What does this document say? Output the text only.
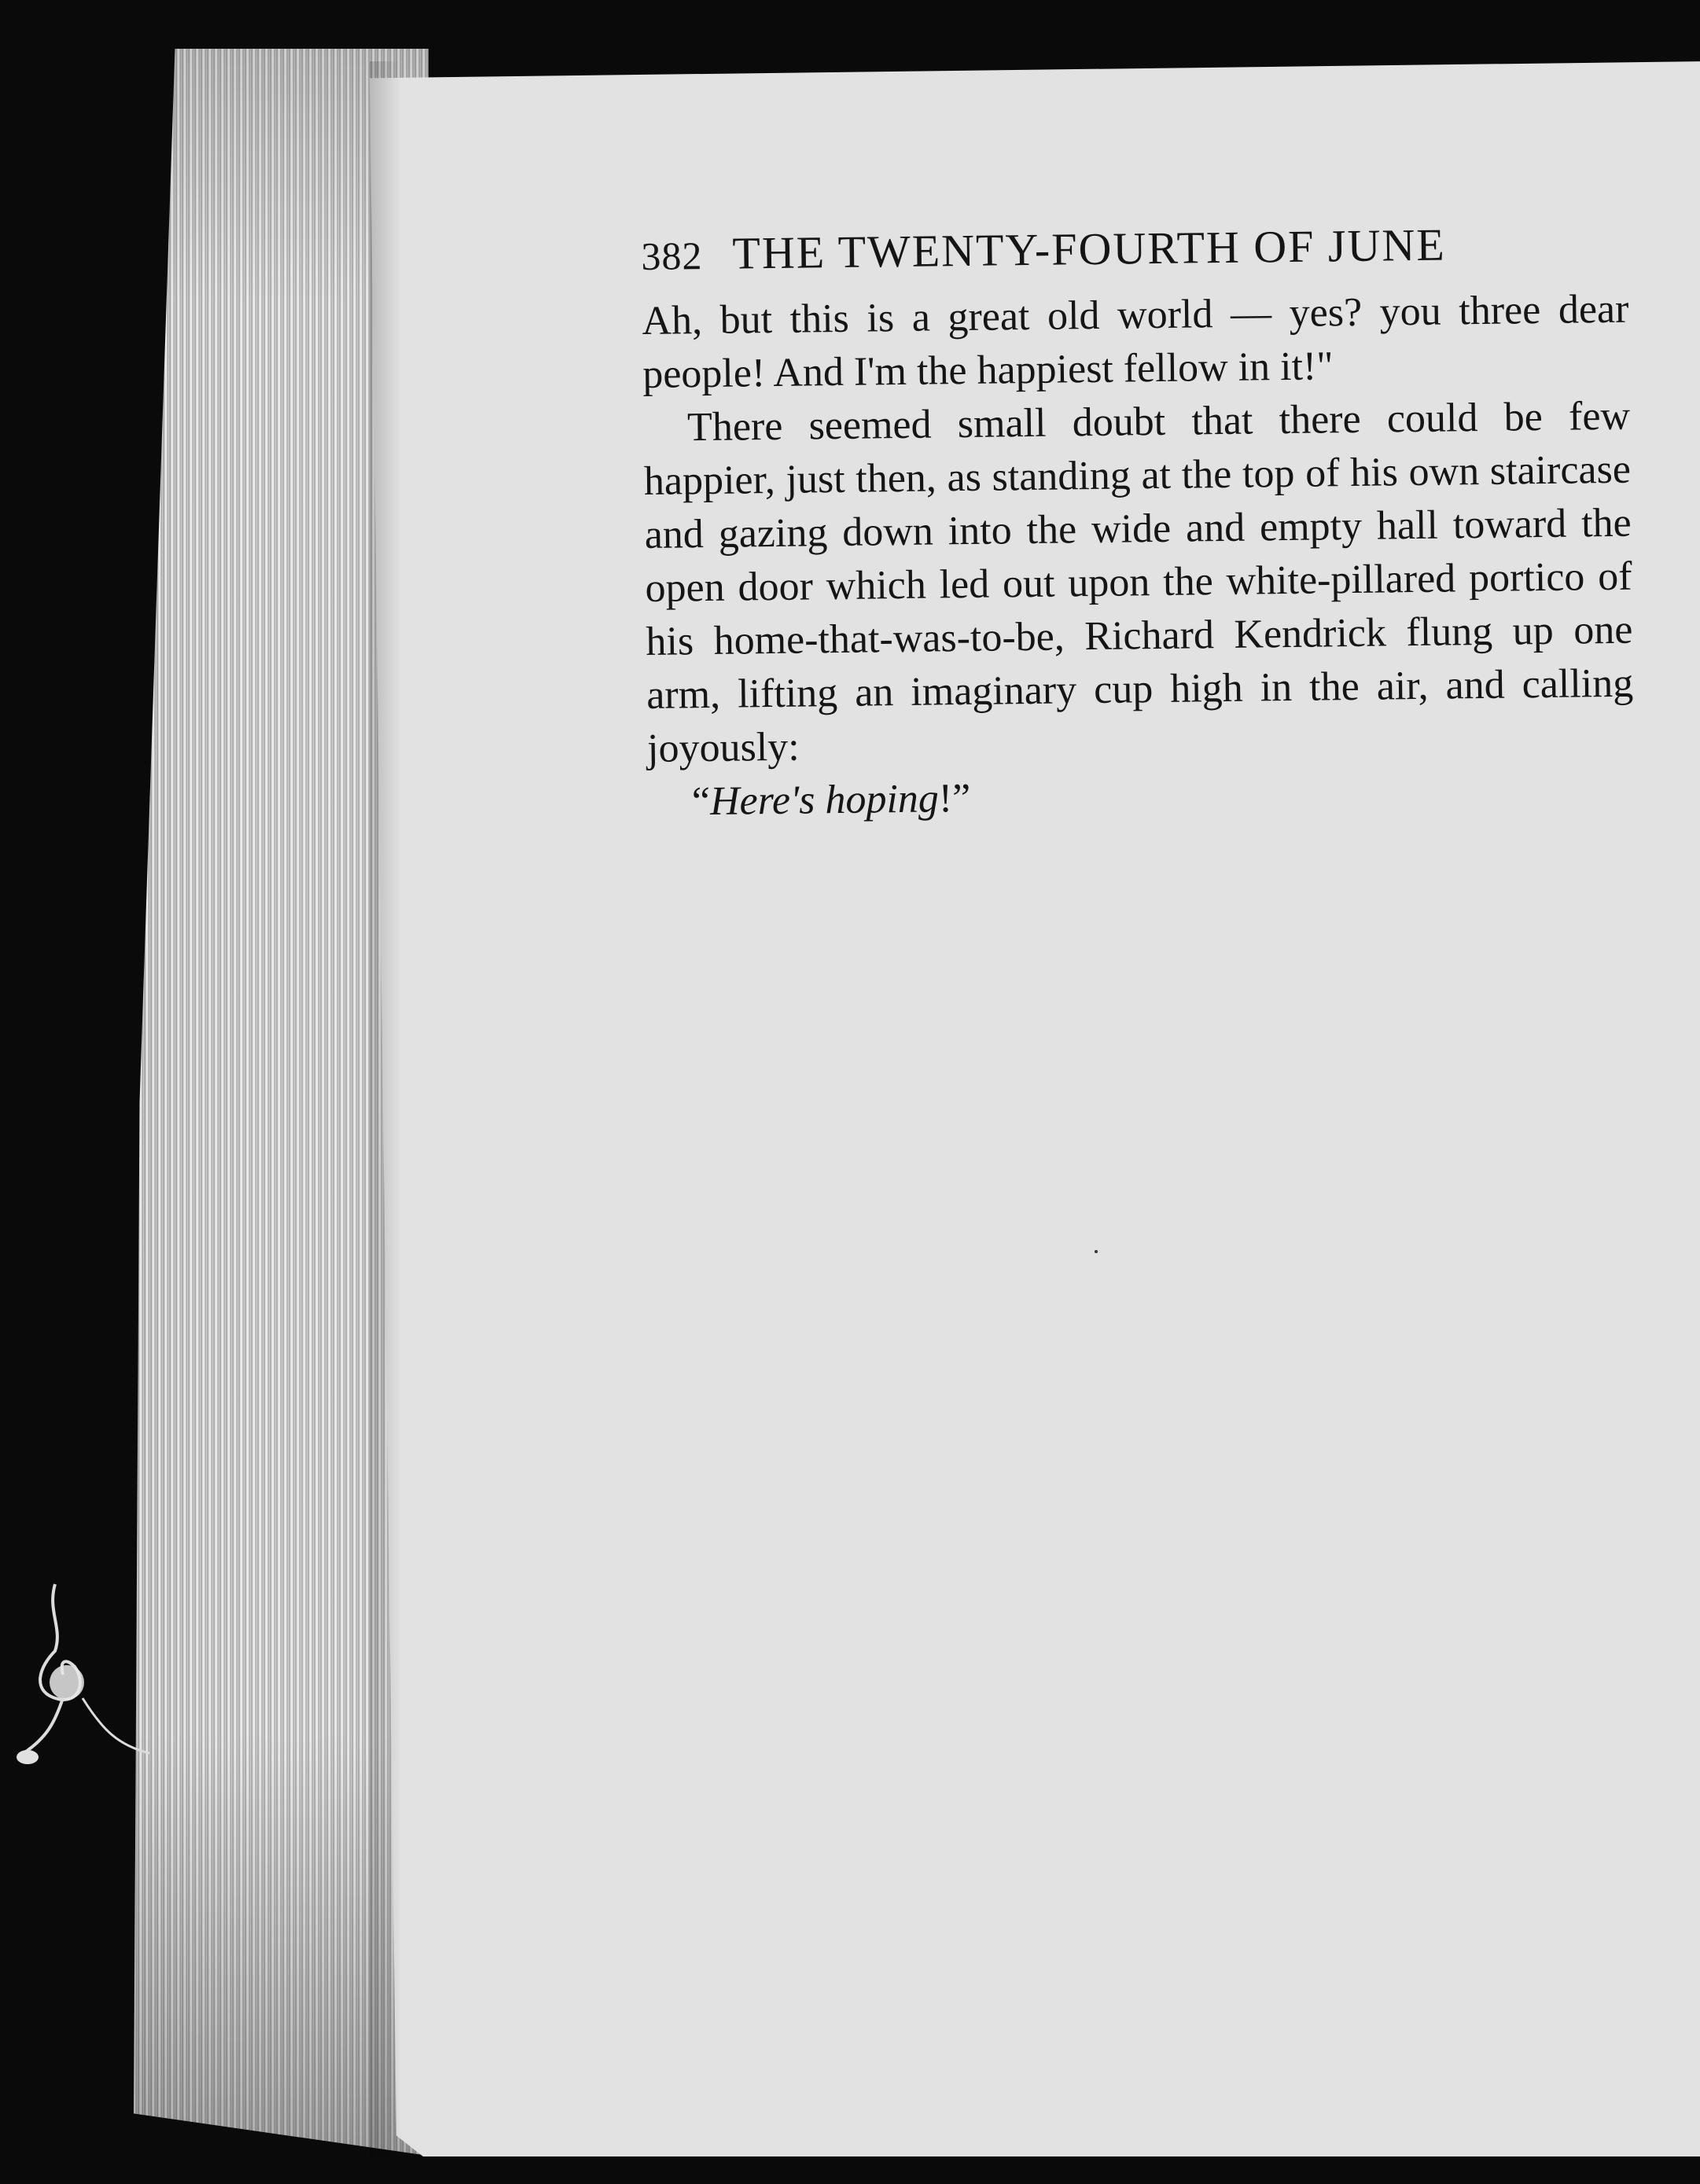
382 THE TWENTY-FOURTH OF JUNE

Ah, but this is a great old world — yes? you three dear people! And I'm the happiest fellow in it!"

There seemed small doubt that there could be few happier, just then, as standing at the top of his own staircase and gazing down into the wide and empty hall toward the open door which led out upon the white-pillared portico of his home-that-was-to-be, Richard Kendrick flung up one arm, lifting an imaginary cup high in the air, and calling joyously:

“Here's hoping!”
